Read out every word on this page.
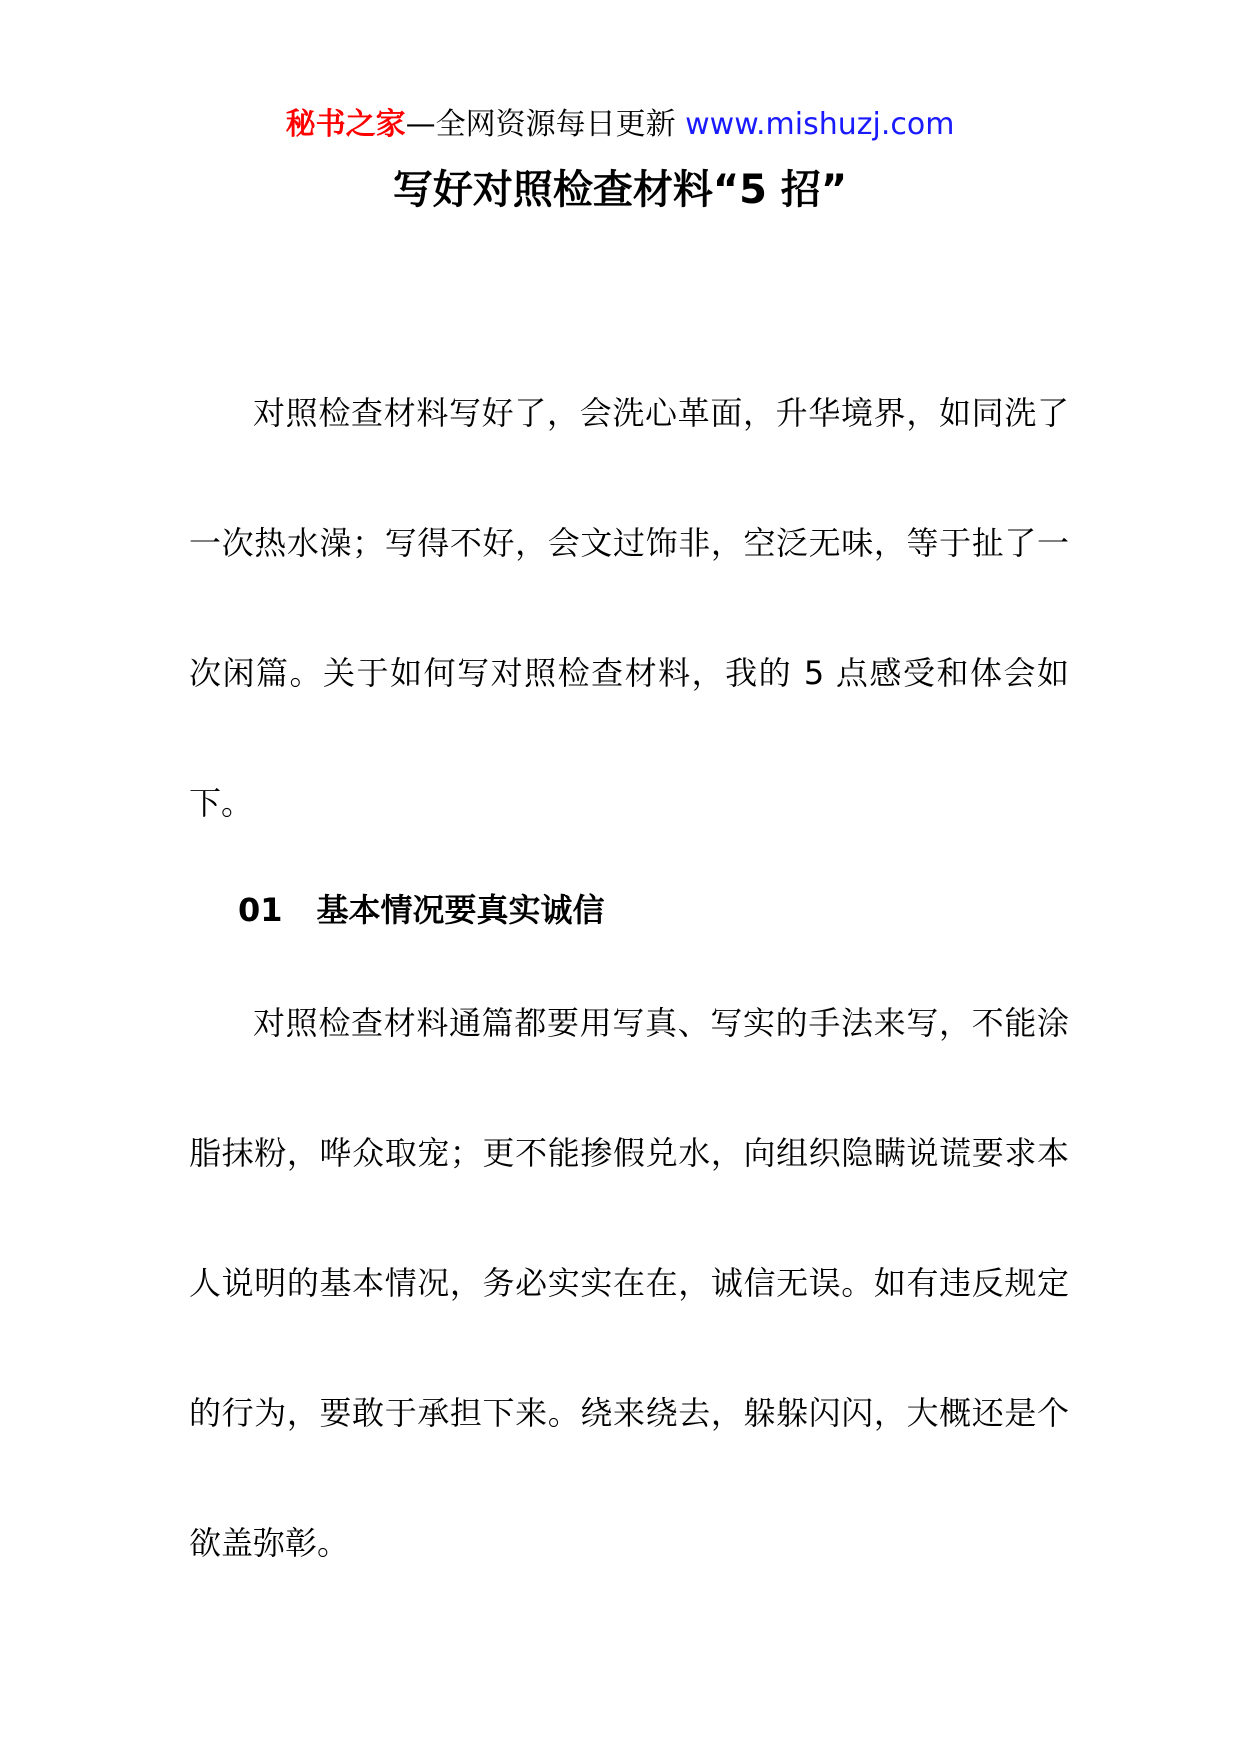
秘书之家—全网资源每日更新 www.mishuzj.com
写好对照检查材料“5 招”

对照检查材料写好了，会洗心革面，升华境界，如同洗了一次热水澡；写得不好，会文过饰非，空泛无味，等于扯了一次闲篇。关于如何写对照检查材料，我的 5 点感受和体会如下。

01 基本情况要真实诚信

对照检查材料通篇都要用写真、写实的手法来写，不能涂脂抹粉，哗众取宠；更不能掺假兑水，向组织隐瞒说谎要求本人说明的基本情况，务必实实在在，诚信无误。如有违反规定的行为，要敢于承担下来。绕来绕去，躲躲闪闪，大概还是个欲盖弥彰。
